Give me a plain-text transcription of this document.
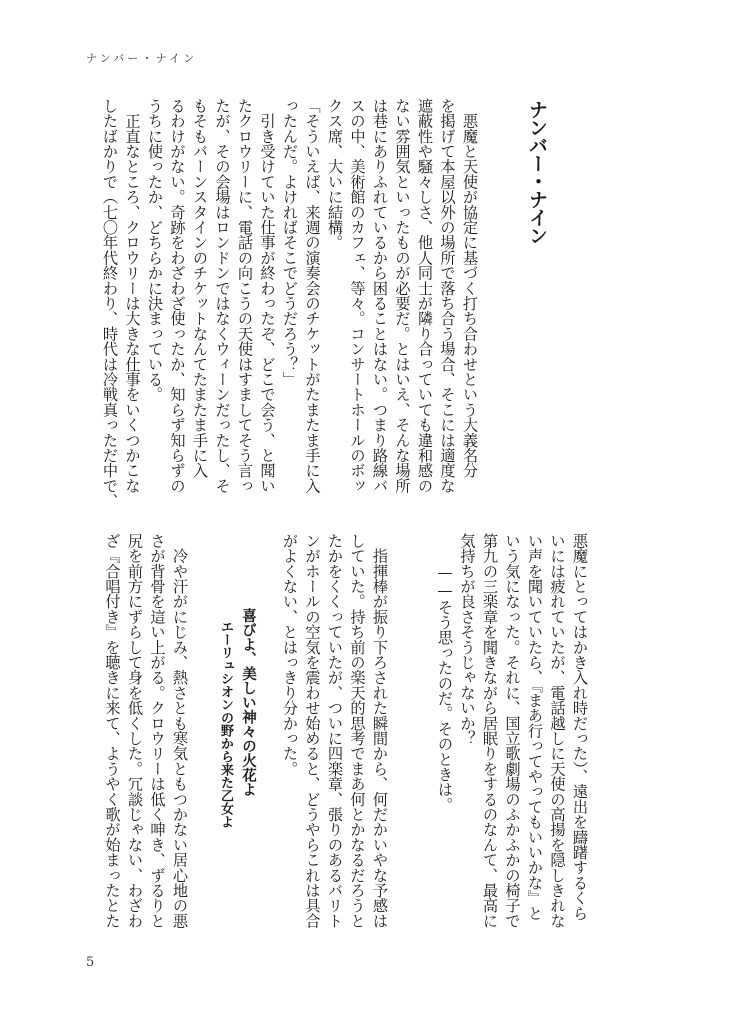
ナンバー・ナイン
ナンバー・ナイン
　悪魔と天使が協定に基づく打ち合わせという大義名分
を掲げて本屋以外の場所で落ち合う場合、そこには適度な
遮蔽性や騒々しさ、他人同士が隣り合っていても違和感の
ない雰囲気といったものが必要だ。とはいえ、そんな場所
は巷にありふれているから困ることはない。つまり路線バ
スの中、美術館のカフェ、等々。コンサートホールのボッ
クス席、大いに結構。
「そういえば、来週の演奏会のチケットがたまたま手に入
ったんだ。よければそこでどうだろう？」
　引き受けていた仕事が終わったぞ、どこで会う、と聞い
たクロウリーに、電話の向こうの天使はすましてそう言っ
たが、その会場はロンドンではなくウィーンだったし、そ
もそもバーンスタインのチケットなんてたまたま手に入
るわけがない。奇跡をわざわざ使ったか、知らず知らずの
うちに使ったか、どちらかに決まっている。
　正直なところ、クロウリーは大きな仕事をいくつかこな
したばかりで（七〇年代終わり、時代は冷戦真っただ中で、
悪魔にとってはかき入れ時だった）、遠出を躊躇するくら
いには疲れていたが、電話越しに天使の高揚を隠しきれな
い声を聞いていたら、『まあ行ってやってもいいかな』と
いう気になった。それに、国立歌劇場のふかふかの椅子で
第九の三楽章を聞きながら居眠りをするのなんて、最高に
気持ちが良さそうじゃないか？
　　——そう思ったのだ。そのときは。
　指揮棒が振り下ろされた瞬間から、何だかいやな予感は
していた。持ち前の楽天的思考でまあ何とかなるだろうと
たかをくくっていたが、ついに四楽章、張りのあるバリト
ンがホールの空気を震わせ始めると、どうやらこれは具合
がよくない、とはっきり分かった。
喜びよ、美しい神々の火花よ
エーリュシオンの野から来た乙女よ
　冷や汗がにじみ、熱さとも寒気ともつかない居心地の悪
さが背骨を這い上がる。クロウリーは低く呻き、ずるりと
尻を前方にずらして身を低くした。冗談じゃない、わざわ
ざ『合唱付き』を聴きに来て、ようやく歌が始まったとた
5
